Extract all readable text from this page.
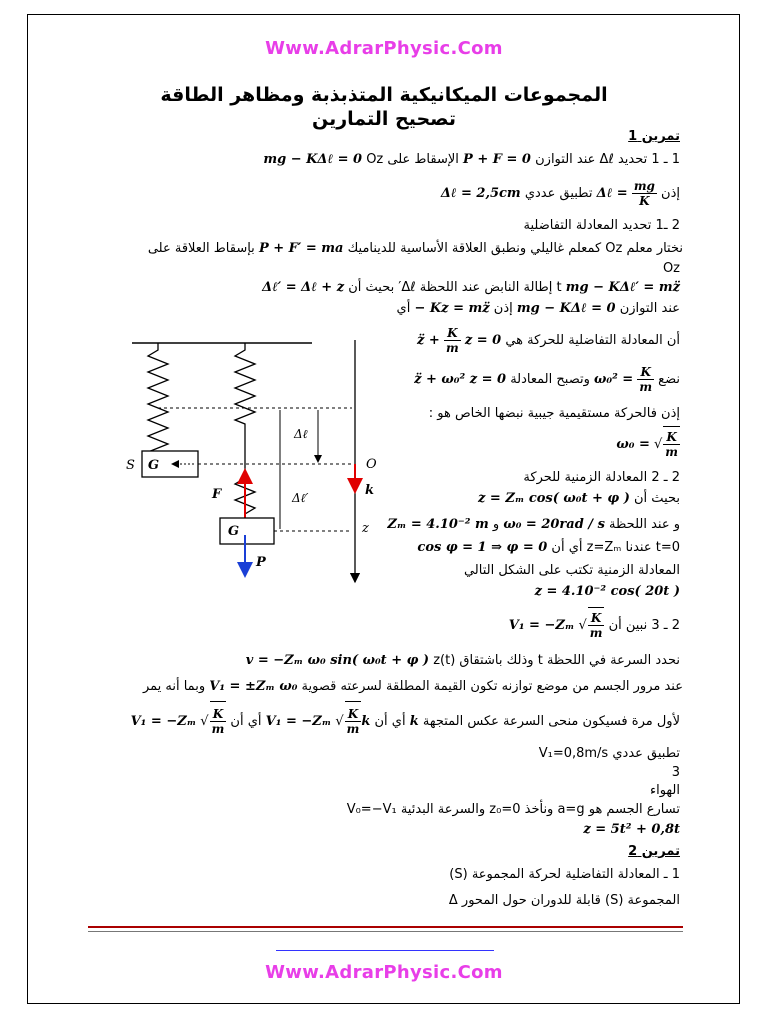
Www.AdrarPhysic.Com
المجموعات الميكانيكية المتذبذبة ومظاهر الطاقة
تصحيح التمارين
تمرين 1
1 ـ 1 تحديد Δℓ عند التوازن P + F = 0 الإسقاط على Oz mg − KΔℓ = 0
إذن Δℓ = $\frac{mg}{K}$
تطبيق عددي Δℓ = 2,5cm
2 ـ1 تحديد المعادلة التفاضلية
نختار معلم Oz كمعلم غاليلي ونطبق العلاقة الأساسية للديناميك P + F′ = ma بإسقاط العلاقة على
Oz
mg − KΔℓ′ = mz̈ t إطالة النابض عند اللحظة Δℓ′ بحيث أن Δℓ′ = Δℓ + z
عند التوازن mg − KΔℓ = 0 إذن − Kz = mz̈ أي
أن المعادلة التفاضلية للحركة هي z̈ + $\frac{K}{m}$ z = 0
نضع $\omega_0^2 = \frac{K}{m}$
وتصبح المعادلة z̈ + ω₀² z = 0
إذن فالحركة مستقيمية جيبية نبضها الخاص هو :
ω₀ = √ $\frac{K}{m}$
2 ـ 2 المعادلة الزمنية للحركة
بحيث أن z = Zₘ cos( ω₀t + φ )
و عند اللحظة ω₀ = 20rad / s و Zₘ = 4.10⁻² m
t=0 عندنا z=Zₘ أي أن cos φ = 1 ⇒ φ = 0
المعادلة الزمنية تكتب على الشكل التالي
z = 4.10⁻² cos( 20t )
2 ـ 3 نبين أن V₁ = −Zₘ √ $\frac{K}{m}$
نحدد السرعة في اللحظة t وذلك باشتقاق z(t) v = −Zₘ ω₀ sin( ω₀t + φ )
عند مرور الجسم من موضع توازنه تكون القيمة المطلقة لسرعته قصوية V₁ = ±Zₘ ω₀ وبما أنه يمر
لأول مرة فسيكون منحى السرعة عكس المتجهة k أي أن V₁ = −Zₘ √ $\frac{K}{m}$ k أي أن V₁ = −Zₘ √ $\frac{K}{m}$
تطبيق عددي V₁=0,8m/s
3
الهواء
تسارع الجسم هو a=g ونأخذ z₀=0 والسرعة البدئية V₀=−V₁
z = 5t² + 0,8t
تمرين 2
1 ـ المعادلة التفاضلية لحركة المجموعة (S)
المجموعة (S) قابلة للدوران حول المحور Δ
Www.AdrarPhysic.Com
G
S
F
G
P
Δℓ
Δℓ′
O
k
z
